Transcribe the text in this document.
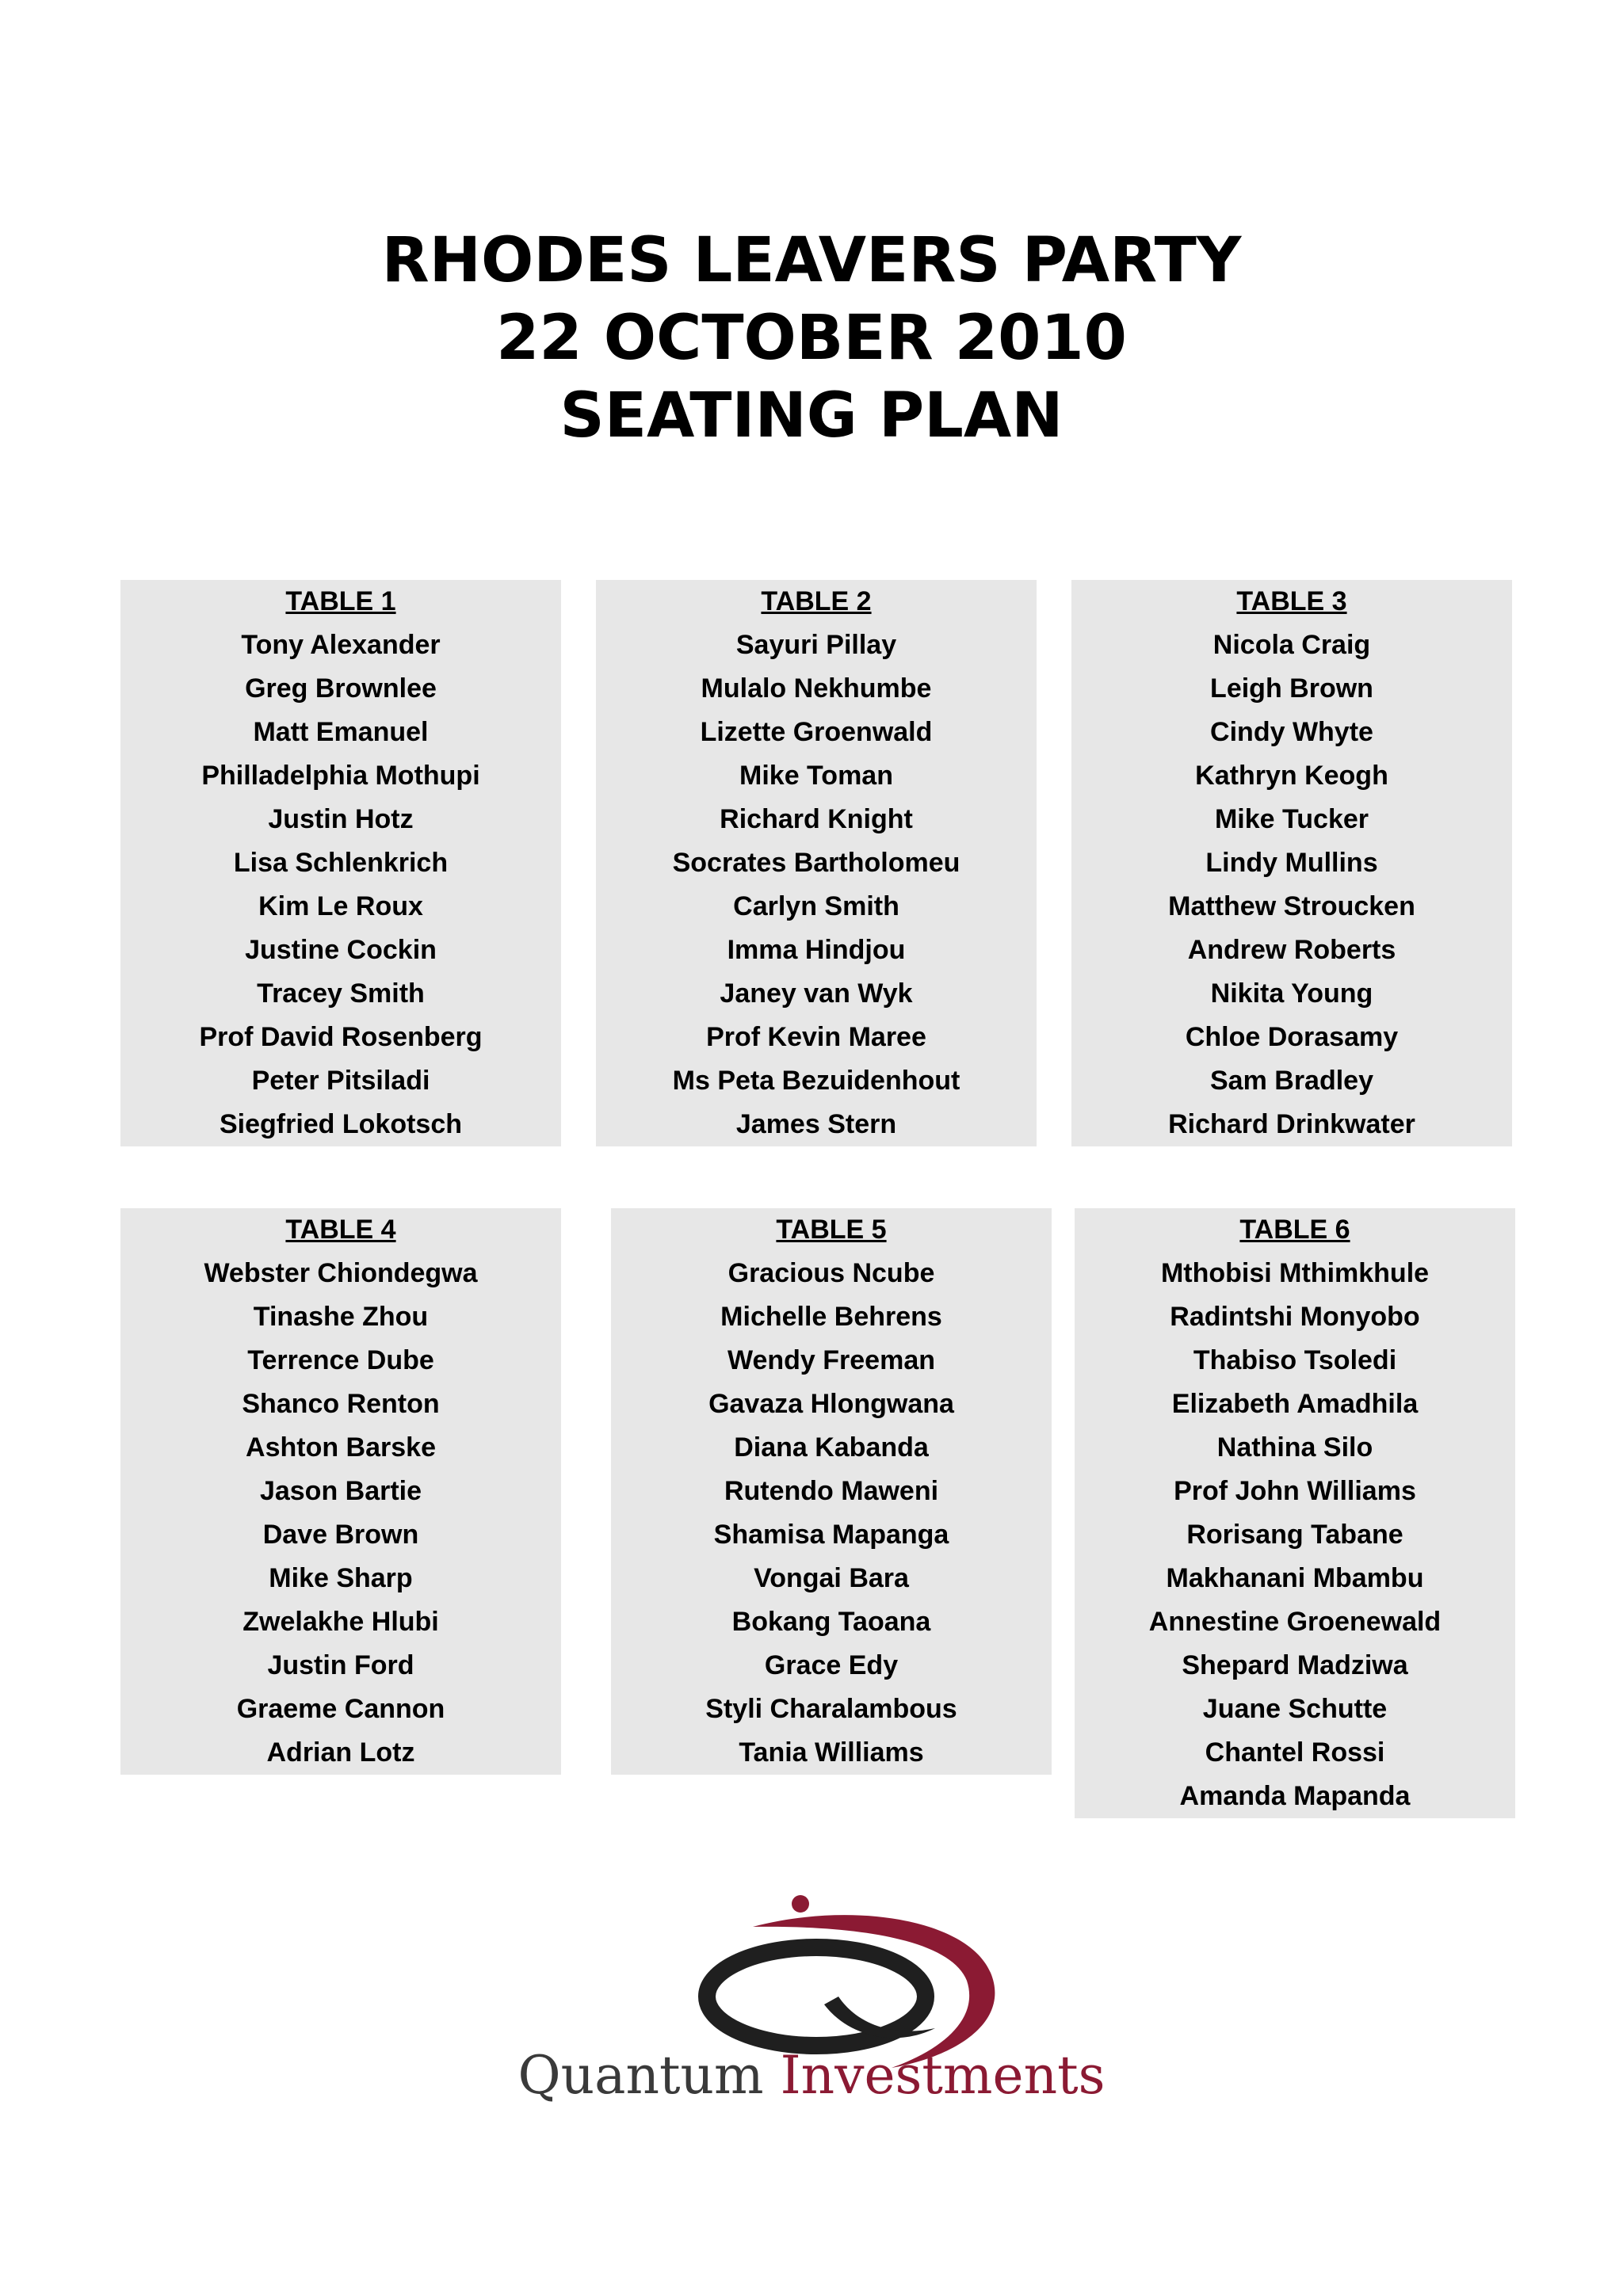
RHODES LEAVERS PARTY
22 OCTOBER 2010
SEATING PLAN
TABLE 1
Tony Alexander
Greg Brownlee
Matt Emanuel
Philladelphia Mothupi
Justin Hotz
Lisa Schlenkrich
Kim Le Roux
Justine Cockin
Tracey Smith
Prof David Rosenberg
Peter Pitsiladi
Siegfried Lokotsch
TABLE 2
Sayuri Pillay
Mulalo Nekhumbe
Lizette Groenwald
Mike Toman
Richard Knight
Socrates Bartholomeu
Carlyn Smith
Imma Hindjou
Janey van Wyk
Prof Kevin Maree
Ms Peta Bezuidenhout
James Stern
TABLE 3
Nicola Craig
Leigh Brown
Cindy Whyte
Kathryn Keogh
Mike Tucker
Lindy Mullins
Matthew Stroucken
Andrew Roberts
Nikita Young
Chloe Dorasamy
Sam Bradley
Richard Drinkwater
TABLE 4
Webster Chiondegwa
Tinashe Zhou
Terrence Dube
Shanco Renton
Ashton Barske
Jason Bartie
Dave Brown
Mike Sharp
Zwelakhe Hlubi
Justin Ford
Graeme Cannon
Adrian Lotz
TABLE 5
Gracious Ncube
Michelle Behrens
Wendy Freeman
Gavaza Hlongwana
Diana Kabanda
Rutendo Maweni
Shamisa Mapanga
Vongai Bara
Bokang Taoana
Grace Edy
Styli Charalambous
Tania Williams
TABLE 6
Mthobisi Mthimkhule
Radintshi Monyobo
Thabiso Tsoledi
Elizabeth Amadhila
Nathina Silo
Prof John Williams
Rorisang Tabane
Makhanani Mbambu
Annestine Groenewald
Shepard Madziwa
Juane Schutte
Chantel Rossi
Amanda Mapanda
Quantum Investments
